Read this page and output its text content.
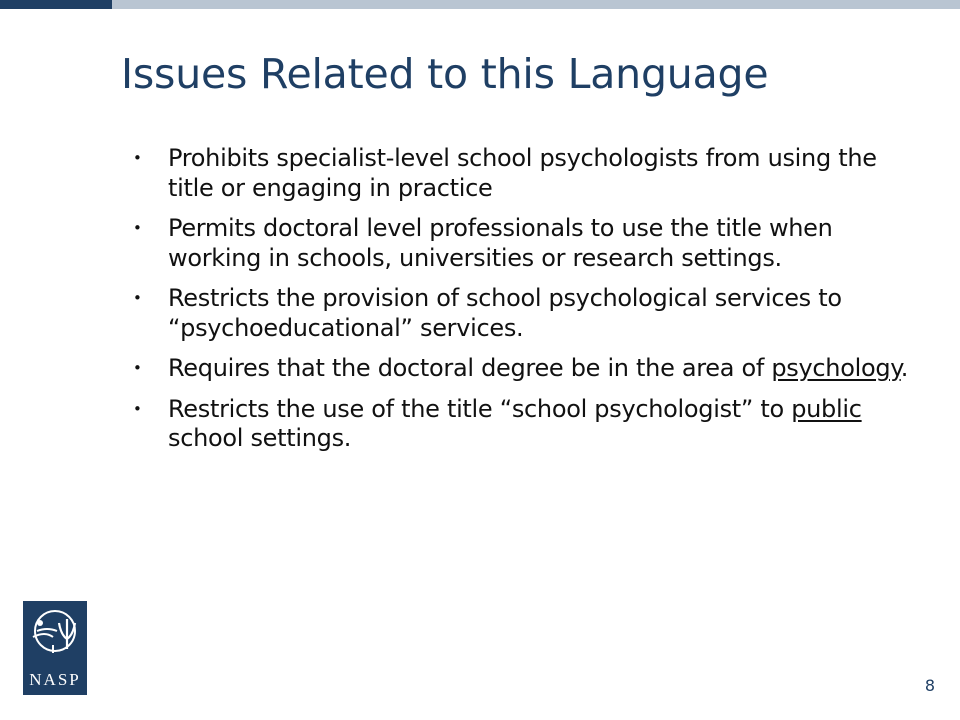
Issues Related to this Language
• Prohibits specialist-level school psychologists from using the title or engaging in practice
• Permits doctoral level professionals to use the title when working in schools, universities or research settings.
• Restricts the provision of school psychological services to “psychoeducational” services.
• Requires that the doctoral degree be in the area of psychology.
• Restricts the use of the title “school psychologist” to public school settings.
NASP	8
